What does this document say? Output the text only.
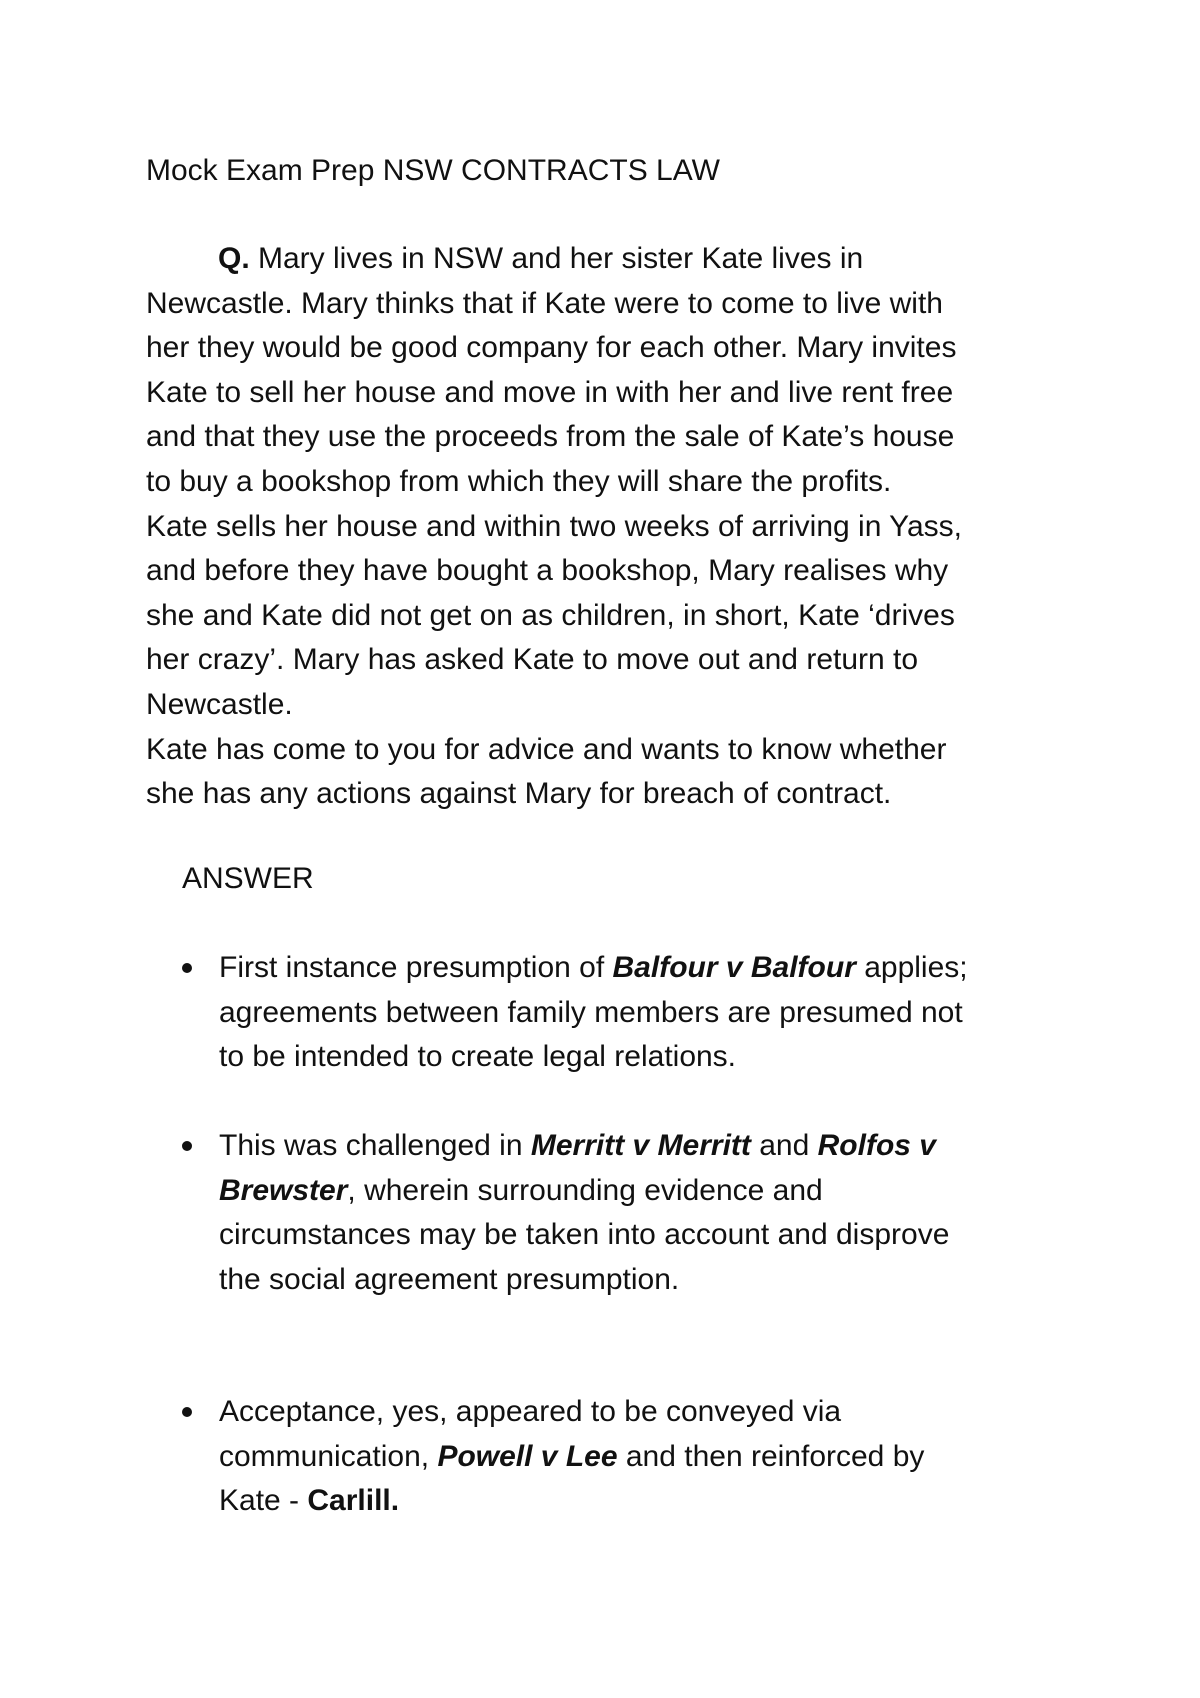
Mock Exam Prep NSW CONTRACTS LAW
Q. Mary lives in NSW and her sister Kate lives in
Newcastle. Mary thinks that if Kate were to come to live with
her they would be good company for each other. Mary invites
Kate to sell her house and move in with her and live rent free
and that they use the proceeds from the sale of Kate’s house
to buy a bookshop from which they will share the profits.
Kate sells her house and within two weeks of arriving in Yass,
and before they have bought a bookshop, Mary realises why
she and Kate did not get on as children, in short, Kate ‘drives
her crazy’. Mary has asked Kate to move out and return to
Newcastle.
Kate has come to you for advice and wants to know whether
she has any actions against Mary for breach of contract.
ANSWER
First instance presumption of Balfour v Balfour applies;
agreements between family members are presumed not
to be intended to create legal relations.
This was challenged in Merritt v Merritt and Rolfos v
Brewster, wherein surrounding evidence and
circumstances may be taken into account and disprove
the social agreement presumption.
Acceptance, yes, appeared to be conveyed via
communication, Powell v Lee and then reinforced by
Kate - Carlill.
